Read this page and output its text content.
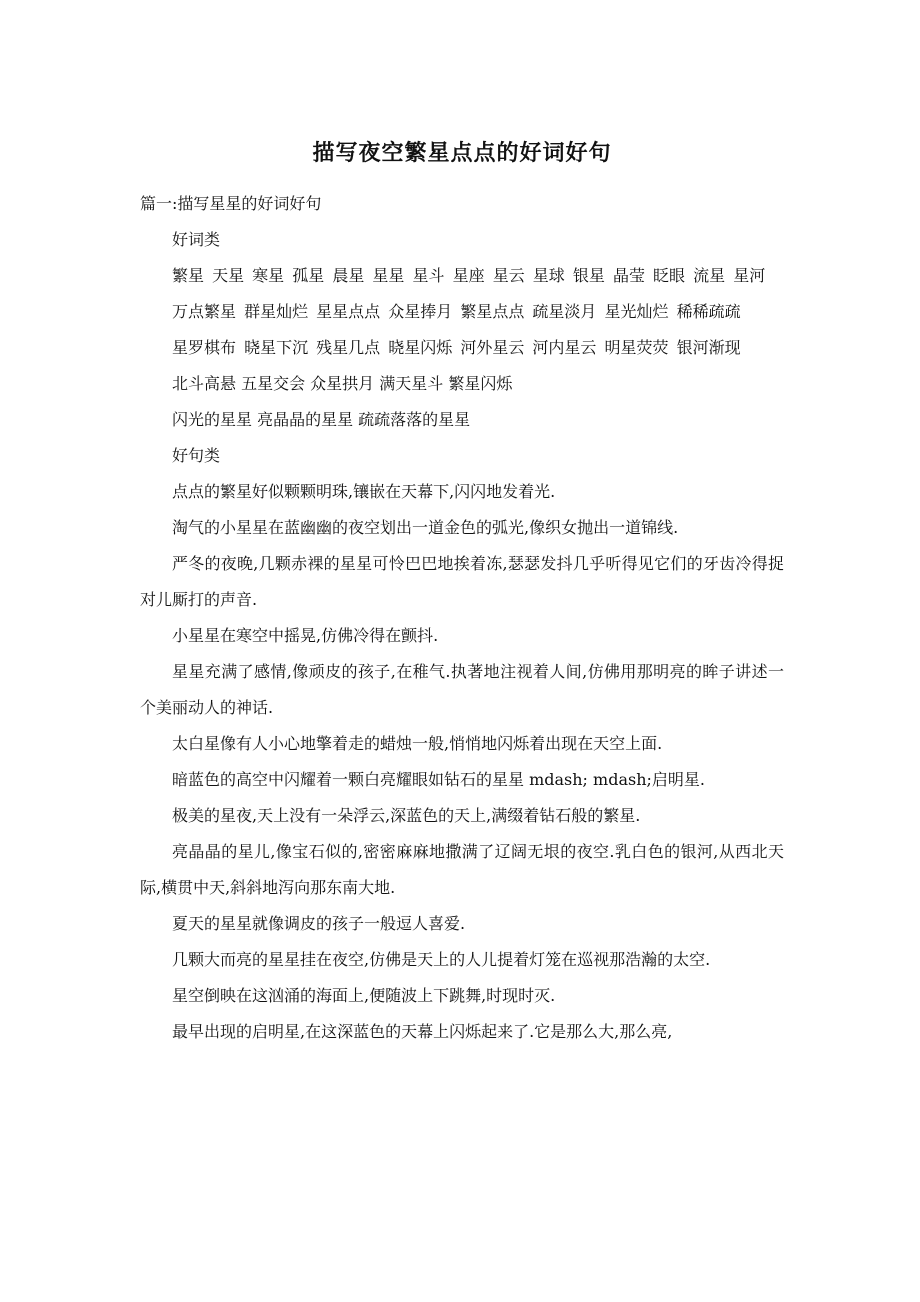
描写夜空繁星点点的好词好句

篇一:描写星星的好词好句

好词类

繁星 天星 寒星 孤星 晨星 星星 星斗 星座 星云 星球 银星 晶莹 眨眼 流星 星河

万点繁星 群星灿烂 星星点点 众星捧月 繁星点点 疏星淡月 星光灿烂 稀稀疏疏

星罗棋布 晓星下沉 残星几点 晓星闪烁 河外星云 河内星云 明星荧荧 银河渐现

北斗高悬 五星交会 众星拱月 满天星斗 繁星闪烁

闪光的星星 亮晶晶的星星 疏疏落落的星星

好句类

点点的繁星好似颗颗明珠,镶嵌在天幕下,闪闪地发着光.

淘气的小星星在蓝幽幽的夜空划出一道金色的弧光,像织女抛出一道锦线.

严冬的夜晚,几颗赤裸的星星可怜巴巴地挨着冻,瑟瑟发抖几乎听得见它们的牙齿冷得捉对儿厮打的声音.

小星星在寒空中摇晃,仿佛冷得在颤抖.

星星充满了感情,像顽皮的孩子,在稚气.执著地注视着人间,仿佛用那明亮的眸子讲述一个美丽动人的神话.

太白星像有人小心地擎着走的蜡烛一般,悄悄地闪烁着出现在天空上面.

暗蓝色的高空中闪耀着一颗白亮耀眼如钻石的星星 mdash; mdash;启明星.

极美的星夜,天上没有一朵浮云,深蓝色的天上,满缀着钻石般的繁星.

亮晶晶的星儿,像宝石似的,密密麻麻地撒满了辽阔无垠的夜空.乳白色的银河,从西北天际,横贯中天,斜斜地泻向那东南大地.

夏天的星星就像调皮的孩子一般逗人喜爱.

几颗大而亮的星星挂在夜空,仿佛是天上的人儿提着灯笼在巡视那浩瀚的太空.

星空倒映在这汹涌的海面上,便随波上下跳舞,时现时灭.

最早出现的启明星,在这深蓝色的天幕上闪烁起来了.它是那么大,那么亮,
